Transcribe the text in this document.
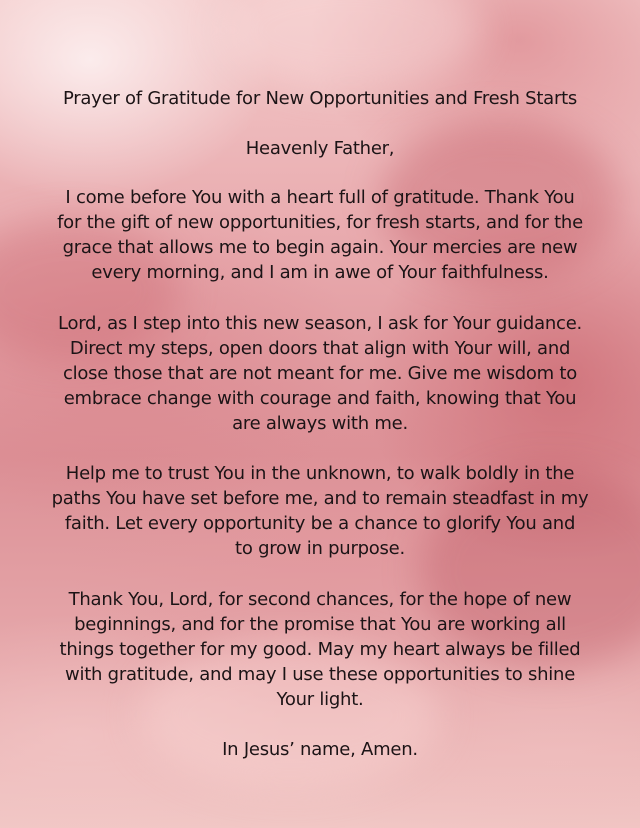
Prayer of Gratitude for New Opportunities and Fresh Starts
Heavenly Father,
I come before You with a heart full of gratitude. Thank You
for the gift of new opportunities, for fresh starts, and for the
grace that allows me to begin again. Your mercies are new
every morning, and I am in awe of Your faithfulness.
Lord, as I step into this new season, I ask for Your guidance.
Direct my steps, open doors that align with Your will, and
close those that are not meant for me. Give me wisdom to
embrace change with courage and faith, knowing that You
are always with me.
Help me to trust You in the unknown, to walk boldly in the
paths You have set before me, and to remain steadfast in my
faith. Let every opportunity be a chance to glorify You and
to grow in purpose.
Thank You, Lord, for second chances, for the hope of new
beginnings, and for the promise that You are working all
things together for my good. May my heart always be filled
with gratitude, and may I use these opportunities to shine
Your light.
In Jesus’ name, Amen.
